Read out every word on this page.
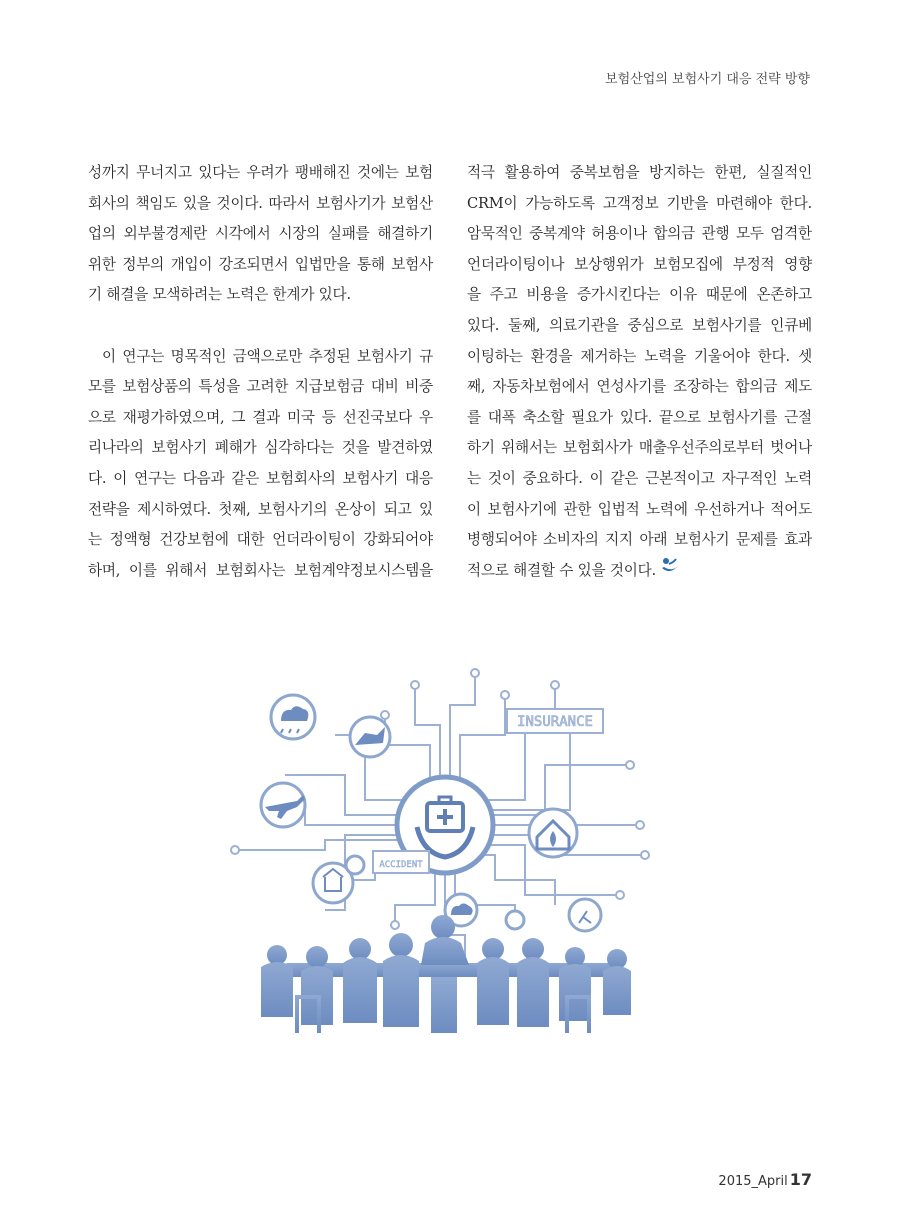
보험산업의 보험사기 대응 전략 방향
성까지 무너지고 있다는 우려가 팽배해진 것에는 보험
회사의 책임도 있을 것이다. 따라서 보험사기가 보험산
업의 외부불경제란 시각에서 시장의 실패를 해결하기
위한 정부의 개입이 강조되면서 입법만을 통해 보험사
기 해결을 모색하려는 노력은 한계가 있다.
이 연구는 명목적인 금액으로만 추정된 보험사기 규
모를 보험상품의 특성을 고려한 지급보험금 대비 비중
으로 재평가하였으며, 그 결과 미국 등 선진국보다 우
리나라의 보험사기 폐해가 심각하다는 것을 발견하였
다. 이 연구는 다음과 같은 보험회사의 보험사기 대응
전략을 제시하였다. 첫째, 보험사기의 온상이 되고 있
는 정액형 건강보험에 대한 언더라이팅이 강화되어야
하며, 이를 위해서 보험회사는 보험계약정보시스템을
적극 활용하여 중복보험을 방지하는 한편, 실질적인
CRM이 가능하도록 고객정보 기반을 마련해야 한다.
암묵적인 중복계약 허용이나 합의금 관행 모두 엄격한
언더라이팅이나 보상행위가 보험모집에 부정적 영향
을 주고 비용을 증가시킨다는 이유 때문에 온존하고
있다. 둘째, 의료기관을 중심으로 보험사기를 인큐베
이팅하는 환경을 제거하는 노력을 기울어야 한다. 셋
째, 자동차보험에서 연성사기를 조장하는 합의금 제도
를 대폭 축소할 필요가 있다. 끝으로 보험사기를 근절
하기 위해서는 보험회사가 매출우선주의로부터 벗어나
는 것이 중요하다. 이 같은 근본적이고 자구적인 노력
이 보험사기에 관한 입법적 노력에 우선하거나 적어도
병행되어야 소비자의 지지 아래 보험사기 문제를 효과
적으로 해결할 수 있을 것이다.
INSURANCE
ACCIDENT
2015_April 17
